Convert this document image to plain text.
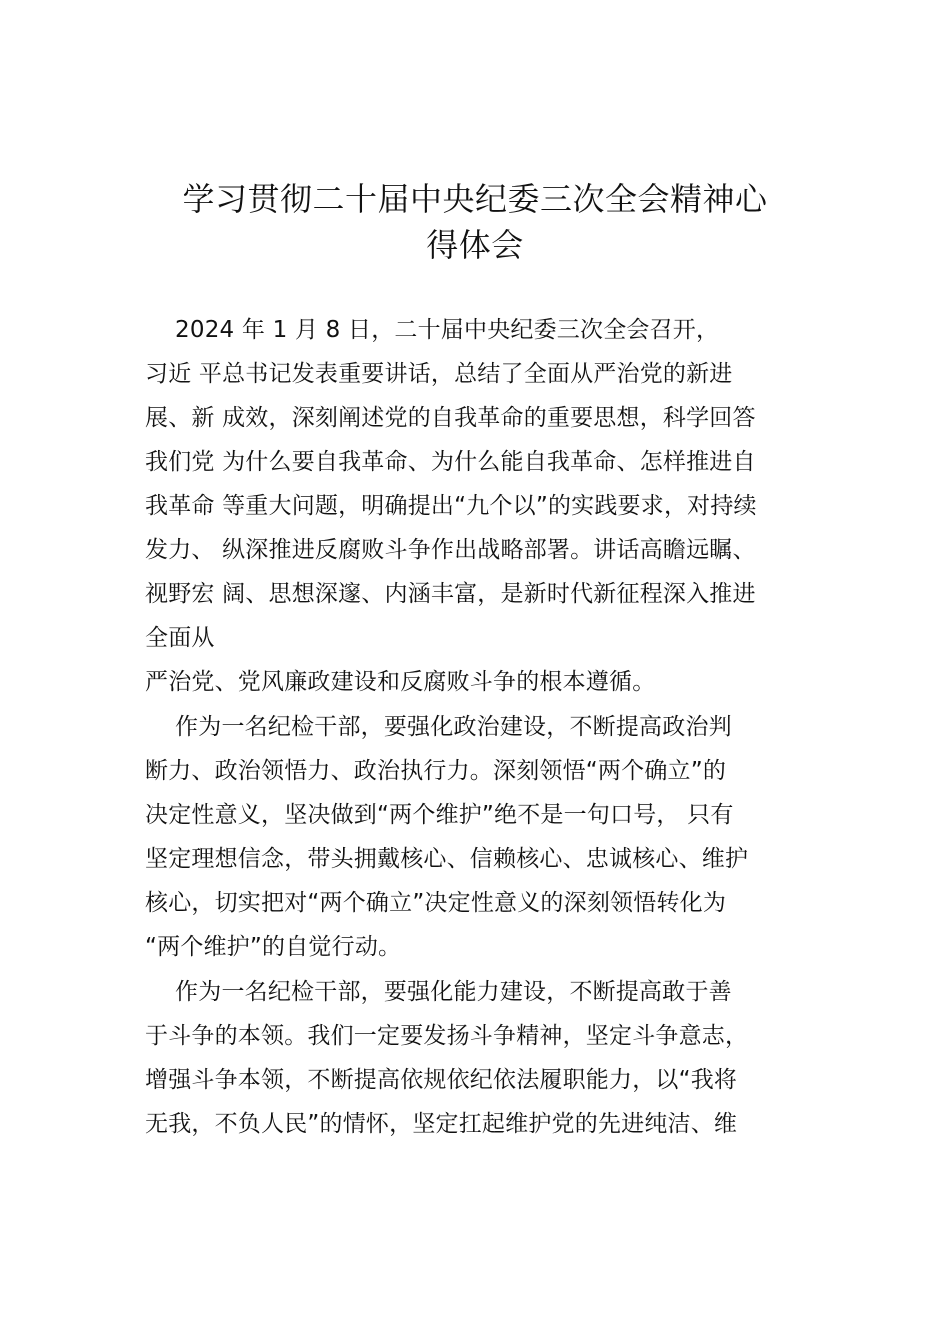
学习贯彻二十届中央纪委三次全会精神心
得体会
2024 年 1 月 8 日，二十届中央纪委三次全会召开，
习近 平总书记发表重要讲话，总结了全面从严治党的新进
展、新 成效，深刻阐述党的自我革命的重要思想，科学回答
我们党 为什么要自我革命、为什么能自我革命、怎样推进自
我革命 等重大问题，明确提出“九个以”的实践要求，对持续
发力、 纵深推进反腐败斗争作出战略部署。讲话高瞻远瞩、
视野宏 阔、思想深邃、内涵丰富，是新时代新征程深入推进
全面从
严治党、党风廉政建设和反腐败斗争的根本遵循。
作为一名纪检干部，要强化政治建设，不断提高政治判
断力、政治领悟力、政治执行力。深刻领悟“两个确立”的
决定性意义，坚决做到“两个维护”绝不是一句口号， 只有
坚定理想信念，带头拥戴核心、信赖核心、忠诚核心、维护
核心，切实把对“两个确立”决定性意义的深刻领悟转化为
“两个维护”的自觉行动。
作为一名纪检干部，要强化能力建设，不断提高敢于善
于斗争的本领。我们一定要发扬斗争精神，坚定斗争意志，
增强斗争本领，不断提高依规依纪依法履职能力，以“我将
无我，不负人民”的情怀，坚定扛起维护党的先进纯洁、维
